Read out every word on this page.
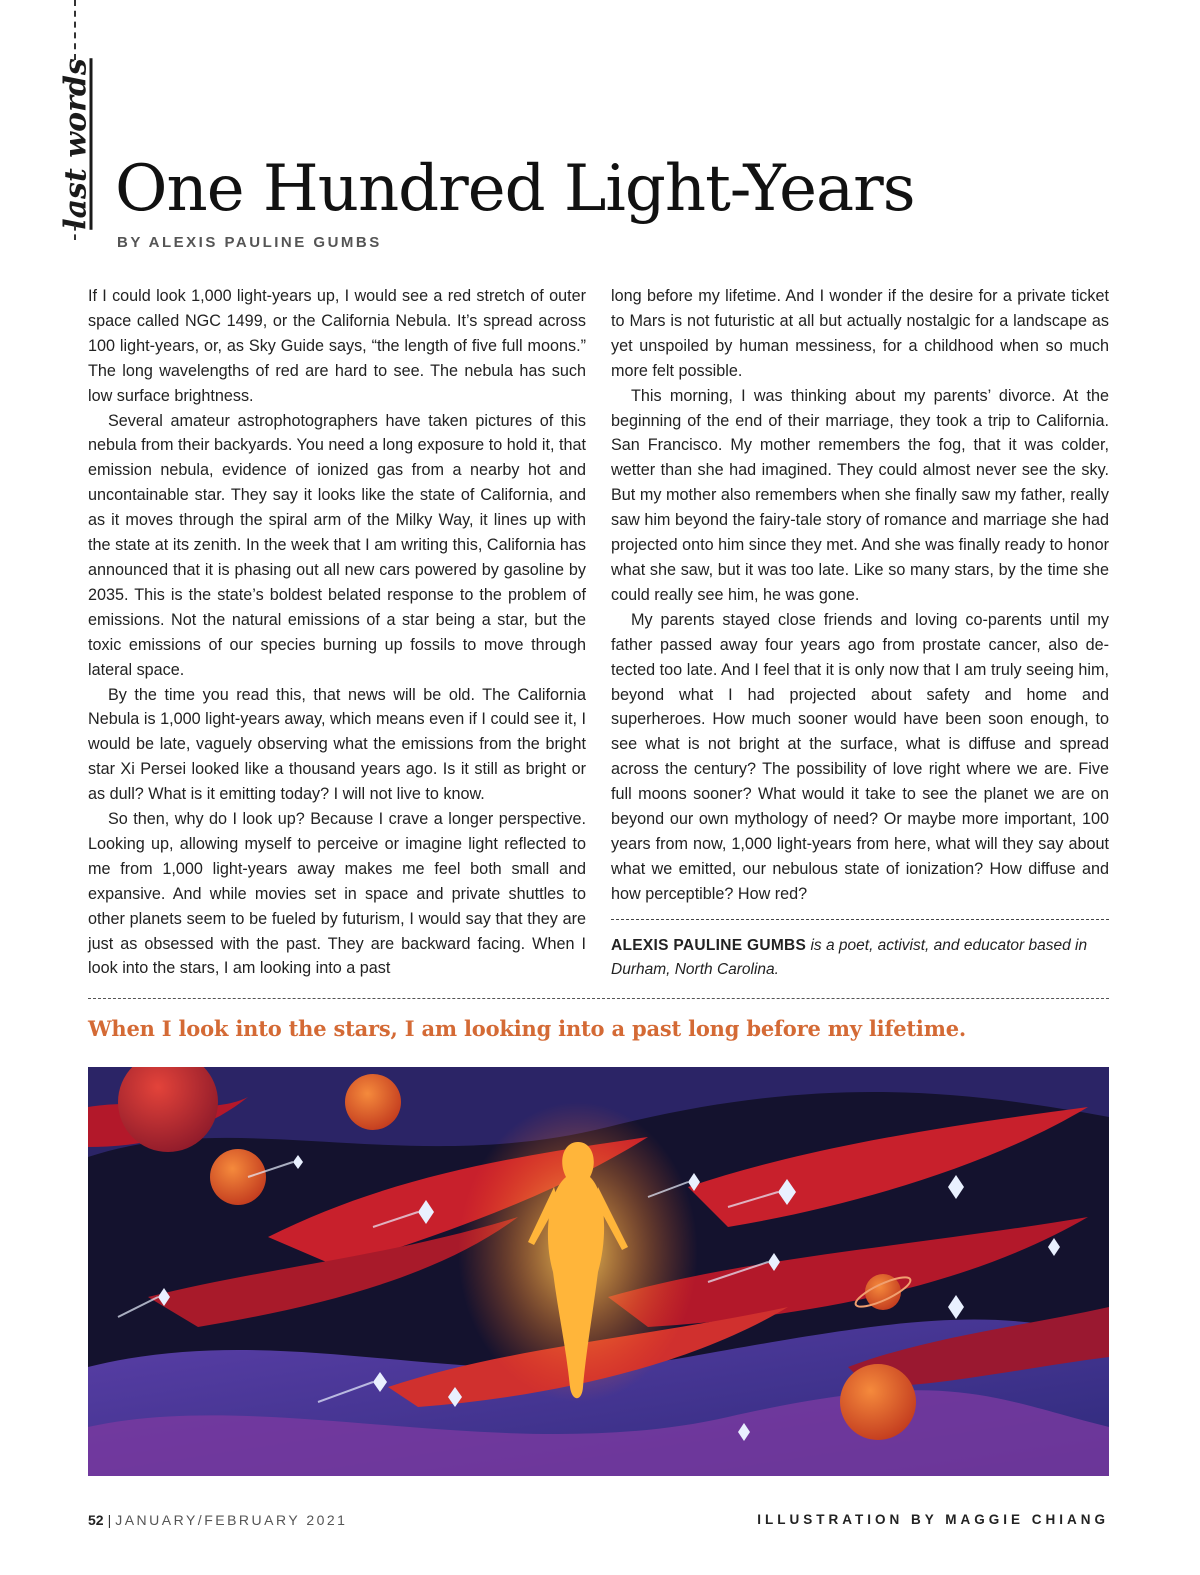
last words One Hundred Light-Years
BY ALEXIS PAULINE GUMBS

If I could look 1,000 light-years up, I would see a red stretch of outer space called NGC 1499, or the California Nebula. It’s spread across 100 light-years, or, as Sky Guide says, “the length of five full moons.” The long wavelengths of red are hard to see. The nebula has such low surface brightness.

Several amateur astrophotographers have taken pictures of this nebula from their backyards. You need a long exposure to hold it, that emission nebula, evidence of ionized gas from a nearby hot and uncontainable star. They say it looks like the state of California, and as it moves through the spiral arm of the Milky Way, it lines up with the state at its zenith. In the week that I am writing this, California has announced that it is phasing out all new cars powered by gasoline by 2035. This is the state’s boldest belated response to the problem of emissions. Not the natural emissions of a star being a star, but the toxic emissions of our species burning up fossils to move through lateral space.

By the time you read this, that news will be old. The California Nebula is 1,000 light-years away, which means even if I could see it, I would be late, vaguely observing what the emissions from the bright star Xi Persei looked like a thousand years ago. Is it still as bright or as dull? What is it emitting today? I will not live to know.

So then, why do I look up? Because I crave a longer perspective. Looking up, allowing myself to perceive or imagine light reflected to me from 1,000 light-years away makes me feel both small and expansive. And while movies set in space and private shuttles to other planets seem to be fueled by futurism, I would say that they are just as obsessed with the past. They are backward facing. When I look into the stars, I am looking into a past

long before my lifetime. And I wonder if the desire for a private ticket to Mars is not futuristic at all but actually nostalgic for a landscape as yet unspoiled by human messiness, for a childhood when so much more felt possible.

This morning, I was thinking about my parents’ divorce. At the beginning of the end of their marriage, they took a trip to California. San Francisco. My mother remembers the fog, that it was colder, wetter than she had imagined. They could almost never see the sky. But my mother also remembers when she finally saw my father, really saw him beyond the fairy-tale story of romance and marriage she had projected onto him since they met. And she was finally ready to honor what she saw, but it was too late. Like so many stars, by the time she could really see him, he was gone.

My parents stayed close friends and loving co-parents until my father passed away four years ago from prostate cancer, also detected too late. And I feel that it is only now that I am truly seeing him, beyond what I had projected about safety and home and superheroes. How much sooner would have been soon enough, to see what is not bright at the surface, what is diffuse and spread across the century? The possibility of love right where we are. Five full moons sooner? What would it take to see the planet we are on beyond our own mythology of need? Or maybe more important, 100 years from now, 1,000 light-years from here, what will they say about what we emitted, our nebulous state of ionization? How diffuse and how perceptible? How red?

ALEXIS PAULINE GUMBS is a poet, activist, and educator based in Durham, North Carolina.
When I look into the stars, I am looking into a past long before my lifetime.
52 | JANUARY/FEBRUARY 2021	ILLUSTRATION BY MAGGIE CHIANG
